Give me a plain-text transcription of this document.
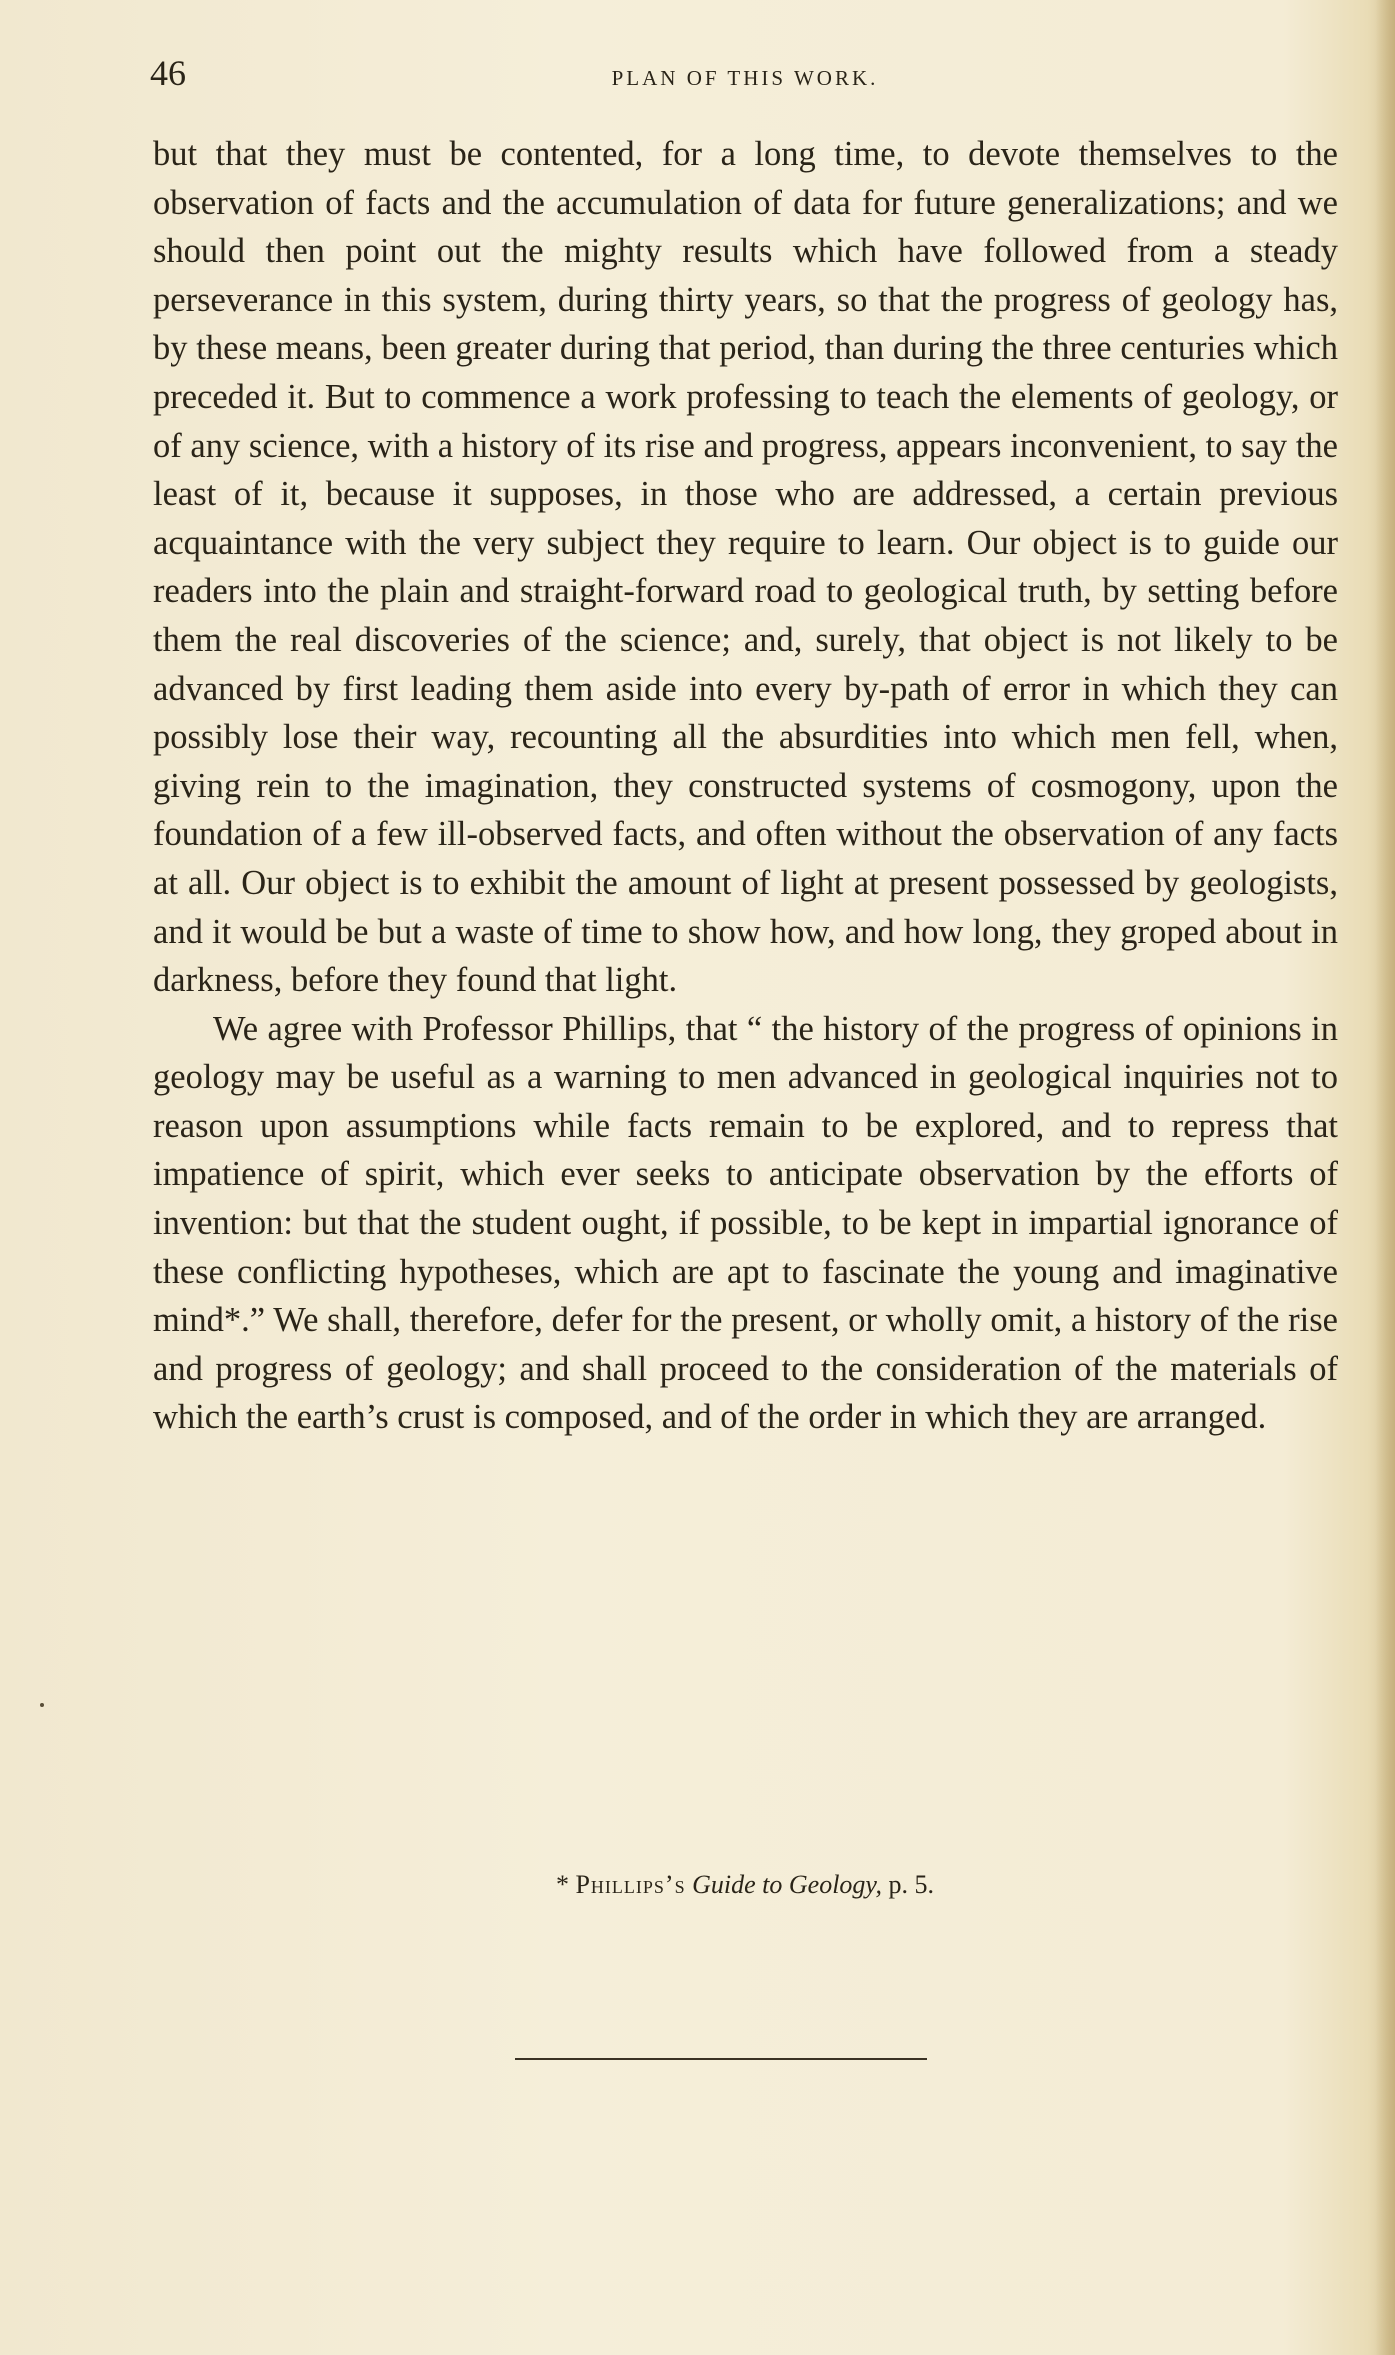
46	PLAN OF THIS WORK.

but that they must be contented, for a long time, to devote themselves to the observation of facts and the accumulation of data for future generalizations; and we should then point out the mighty results which have followed from a steady perseverance in this system, during thirty years, so that the progress of geology has, by these means, been greater during that period, than during the three centuries which preceded it. But to commence a work professing to teach the elements of geology, or of any science, with a history of its rise and progress, appears inconvenient, to say the least of it, because it supposes, in those who are addressed, a certain previous acquaintance with the very subject they require to learn. Our object is to guide our readers into the plain and straight-forward road to geological truth, by setting before them the real discoveries of the science; and, surely, that object is not likely to be advanced by first leading them aside into every by-path of error in which they can possibly lose their way, recounting all the absurdities into which men fell, when, giving rein to the imagination, they constructed systems of cosmogony, upon the foundation of a few ill-observed facts, and often without the observation of any facts at all. Our object is to exhibit the amount of light at present possessed by geologists, and it would be but a waste of time to show how, and how long, they groped about in darkness, before they found that light.

We agree with Professor Phillips, that “ the history of the progress of opinions in geology may be useful as a warning to men advanced in geological inquiries not to reason upon assumptions while facts remain to be explored, and to repress that impatience of spirit, which ever seeks to anticipate observation by the efforts of invention: but that the student ought, if possible, to be kept in impartial ignorance of these conflicting hypotheses, which are apt to fascinate the young and imaginative mind*.” We shall, therefore, defer for the present, or wholly omit, a history of the rise and progress of geology; and shall proceed to the consideration of the materials of which the earth’s crust is composed, and of the order in which they are arranged.

* Phillips’s Guide to Geology, p. 5.
